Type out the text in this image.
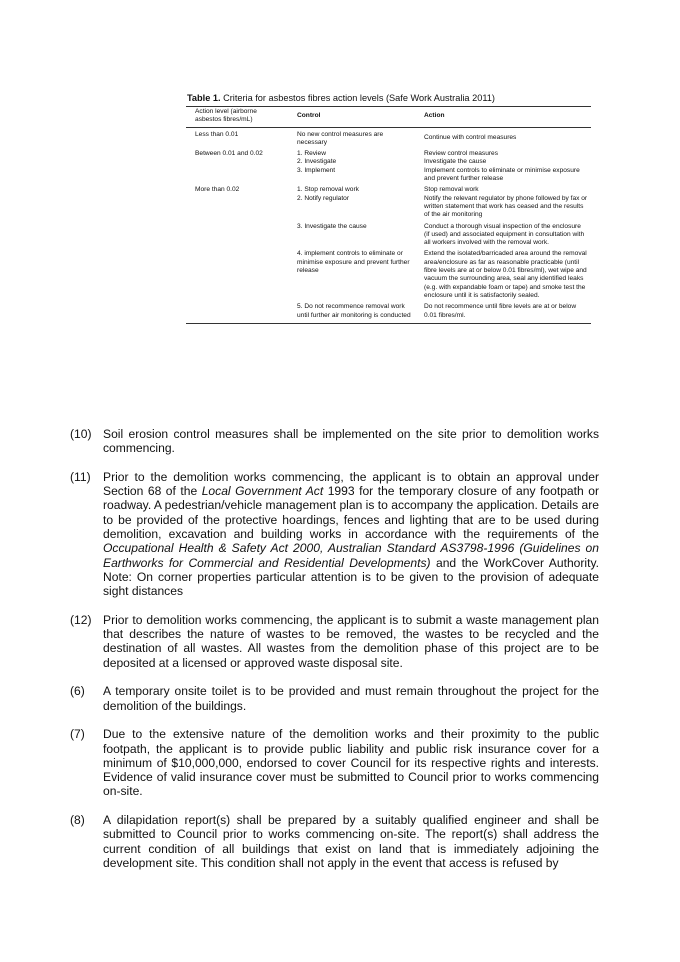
Table 1. Criteria for asbestos fibres action levels (Safe Work Australia 2011)
Action level (airborne asbestos fibres/mL)	Control	Action
Less than 0.01	No new control measures are necessary	Continue with control measures
Between 0.01 and 0.02	1. Review	Review control measures
	2. Investigate	Investigate the cause
	3. Implement	Implement controls to eliminate or minimise exposure and prevent further release
More than 0.02	1. Stop removal work	Stop removal work
	2. Notify regulator	Notify the relevant regulator by phone followed by fax or written statement that work has ceased and the results of the air monitoring
	3. Investigate the cause	Conduct a thorough visual inspection of the enclosure (if used) and associated equipment in consultation with all workers involved with the removal work.
	4. implement controls to eliminate or minimise exposure and prevent further release	Extend the isolated/barricaded area around the removal area/enclosure as far as reasonable practicable (until fibre levels are at or below 0.01 fibres/ml), wet wipe and vacuum the surrounding area, seal any identified leaks (e.g. with expandable foam or tape) and smoke test the enclosure until it is satisfactorily sealed.
	5. Do not recommence removal work until further air monitoring is conducted	Do not recommence until fibre levels are at or below 0.01 fibres/ml.
(10) Soil erosion control measures shall be implemented on the site prior to demolition works commencing.
(11)	Prior to the demolition works commencing, the applicant is to obtain an approval under Section 68 of the Local Government Act 1993 for the temporary closure of any footpath or roadway. A pedestrian/vehicle management plan is to accompany the application. Details are to be provided of the protective hoardings, fences and lighting that are to be used during demolition, excavation and building works in accordance with the requirements of the Occupational Health & Safety Act 2000, Australian Standard AS3798-1996 (Guidelines on Earthworks for Commercial and Residential Developments) and the WorkCover Authority. Note: On corner properties particular attention is to be given to the provision of adequate sight distances
(12) Prior to demolition works commencing, the applicant is to submit a waste management plan that describes the nature of wastes to be removed, the wastes to be recycled and the destination of all wastes. All wastes from the demolition phase of this project are to be deposited at a licensed or approved waste disposal site.
(6)	A temporary onsite toilet is to be provided and must remain throughout the project for the demolition of the buildings.
(7)	Due to the extensive nature of the demolition works and their proximity to the public footpath, the applicant is to provide public liability and public risk insurance cover for a minimum of $10,000,000, endorsed to cover Council for its respective rights and interests. Evidence of valid insurance cover must be submitted to Council prior to works commencing on-site.
(8)	A dilapidation report(s) shall be prepared by a suitably qualified engineer and shall be submitted to Council prior to works commencing on-site. The report(s) shall address the current condition of all buildings that exist on land that is immediately adjoining the development site. This condition shall not apply in the event that access is refused by
